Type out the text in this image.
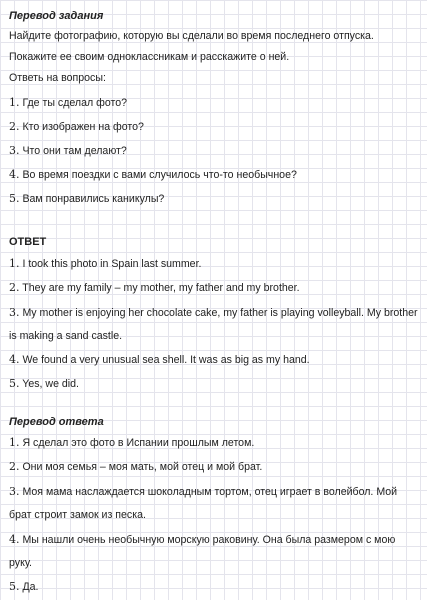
Перевод задания
Найдите фотографию, которую вы сделали во время последнего отпуска.
Покажите ее своим одноклассникам и расскажите о ней.
Ответь на вопросы:
1. Где ты сделал фото?
2. Кто изображен на фото?
3. Что они там делают?
4. Во время поездки с вами случилось что-то необычное?
5. Вам понравились каникулы?
ОТВЕТ
1. I took this photo in Spain last summer.
2. They are my family – my mother, my father and my brother.
3. My mother is enjoying her chocolate cake, my father is playing volleyball. My brother is making a sand castle.
4. We found a very unusual sea shell. It was as big as my hand.
5. Yes, we did.
Перевод ответа
1. Я сделал это фото в Испании прошлым летом.
2. Они моя семья – моя мать, мой отец и мой брат.
3. Моя мама наслаждается шоколадным тортом, отец играет в волейбол. Мой брат строит замок из песка.
4. Мы нашли очень необычную морскую раковину. Она была размером с мою руку.
5. Да.
